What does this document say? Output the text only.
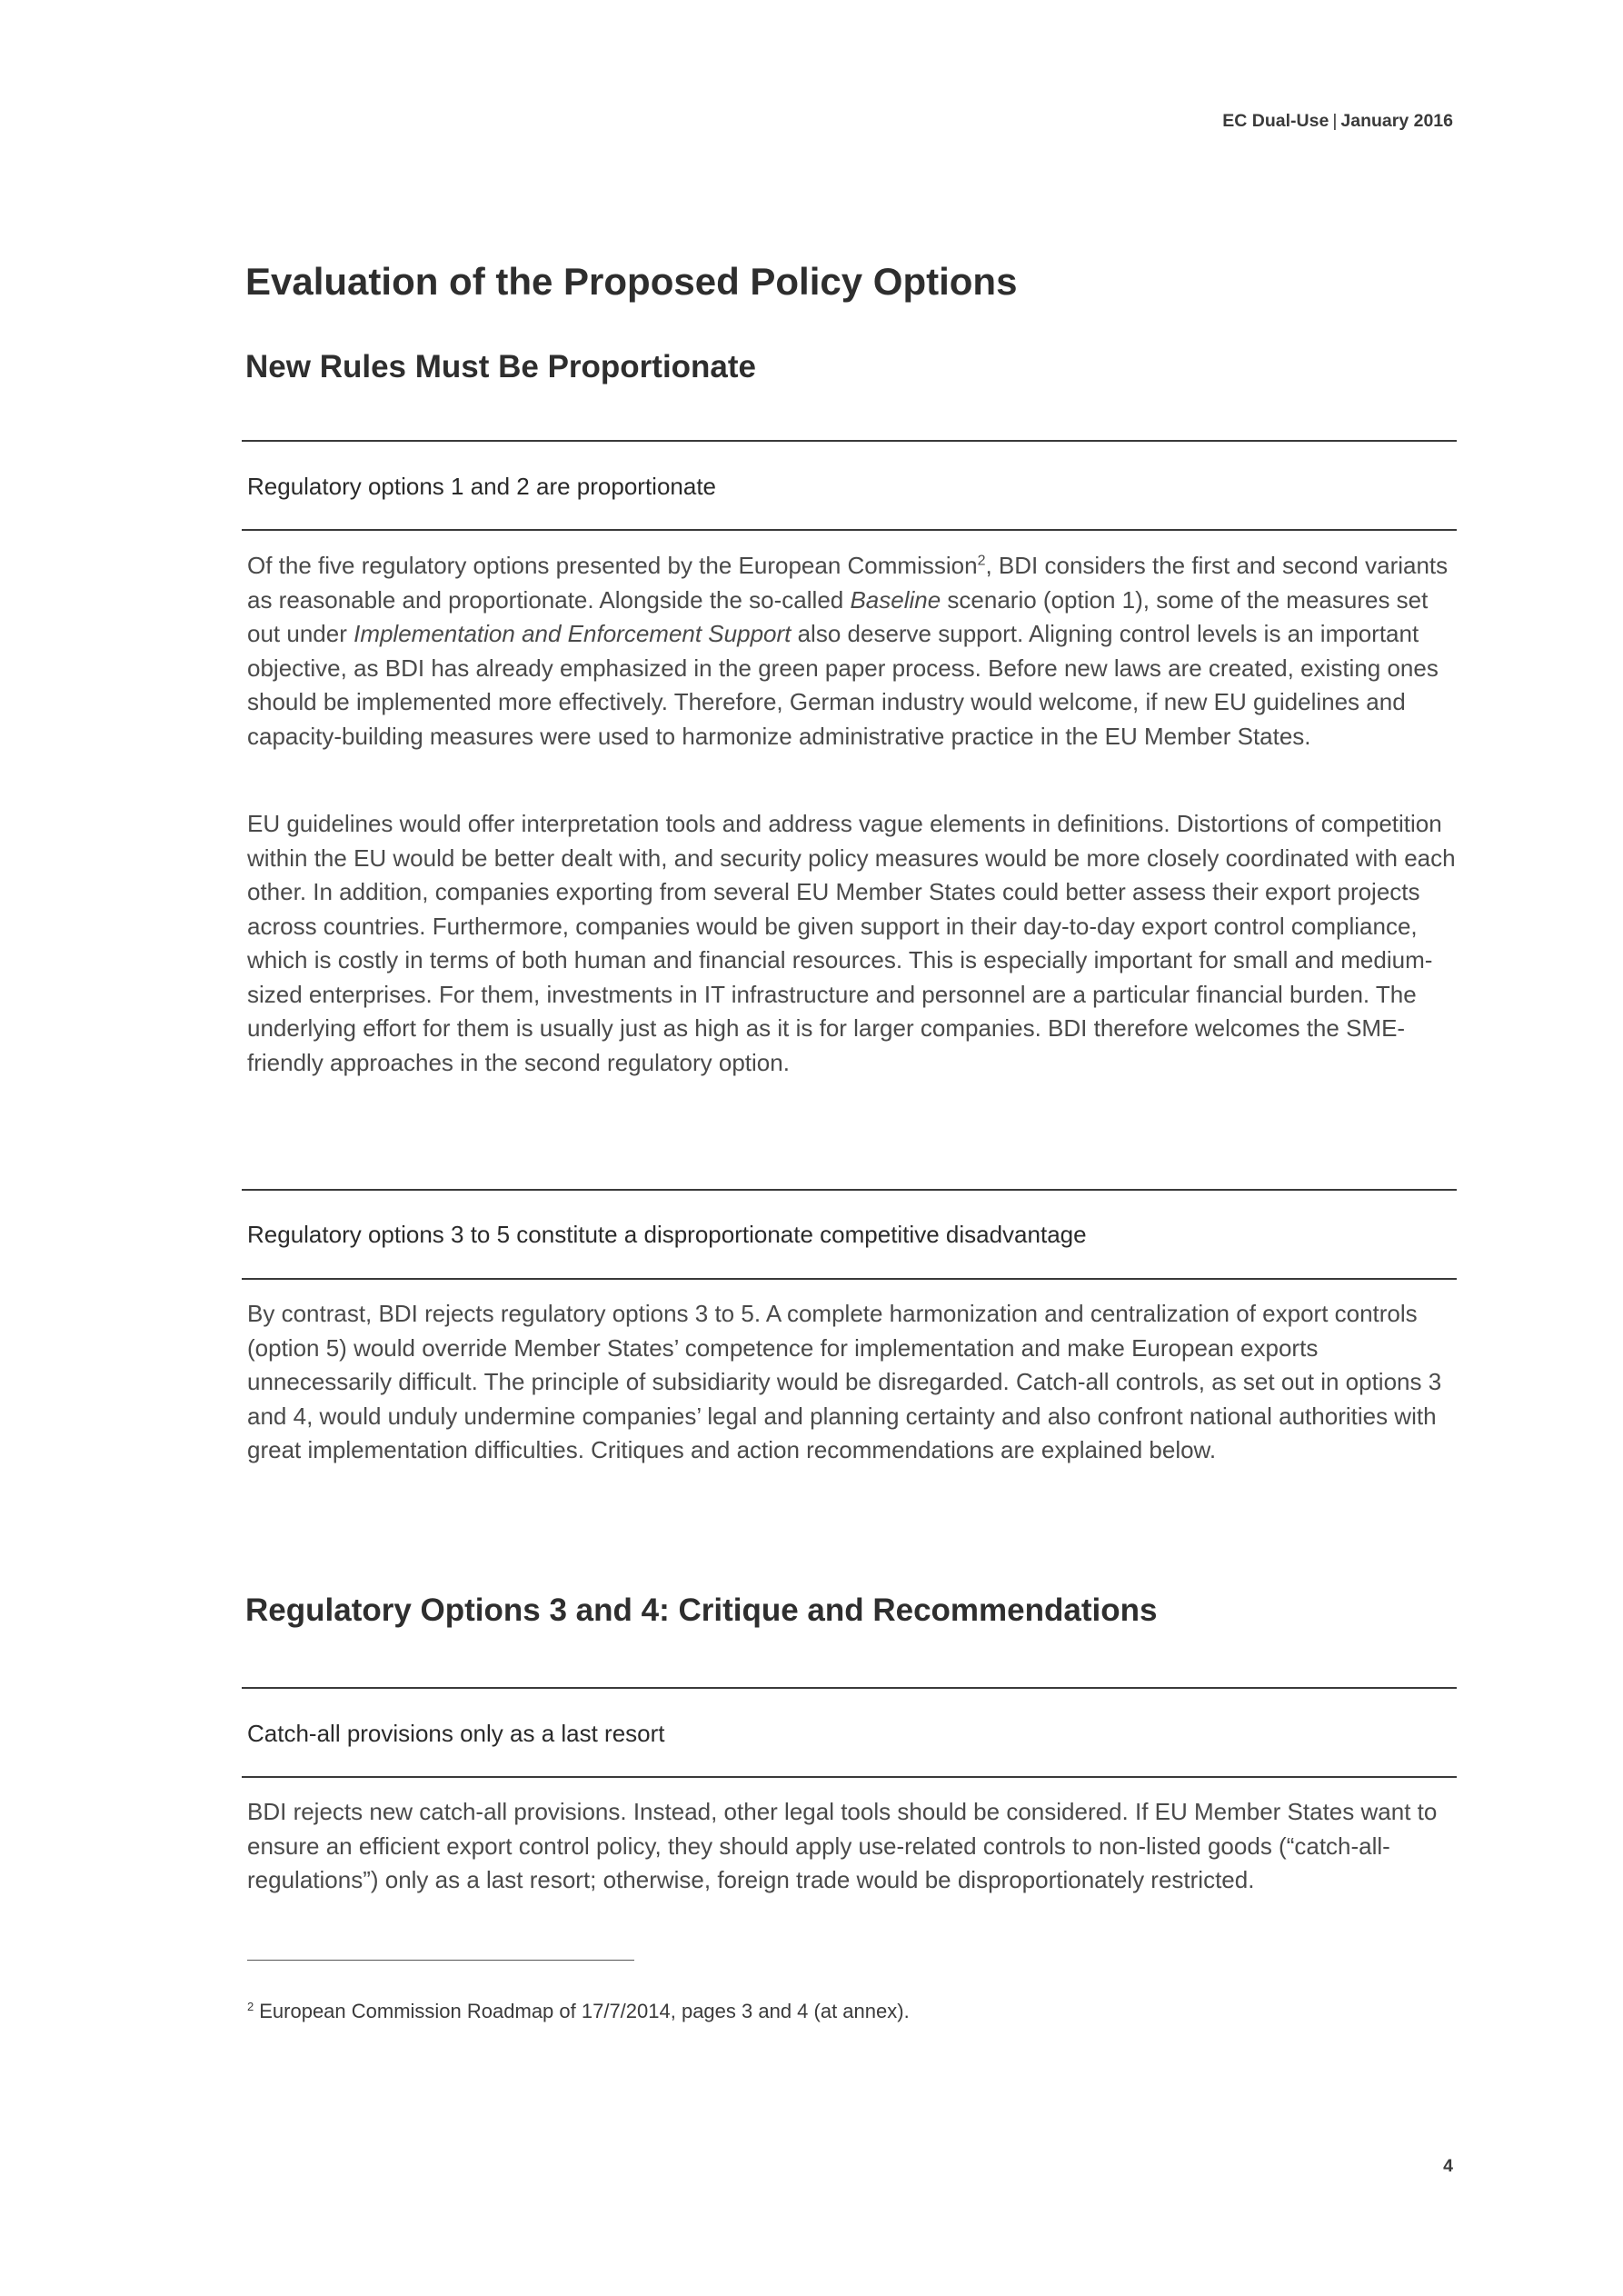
EC Dual-Use | January 2016
Evaluation of the Proposed Policy Options
New Rules Must Be Proportionate
Regulatory options 1 and 2 are proportionate

Of the five regulatory options presented by the European Commission$^2$, BDI considers the first and second variants as reasonable and proportionate. Alongside the so-called Baseline scenario (option 1), some of the measures set out under Implementation and Enforcement Support also deserve support. Aligning control levels is an important objective, as BDI has already emphasized in the green paper process. Before new laws are created, existing ones should be implemented more effectively. Therefore, German industry would welcome, if new EU guidelines and capacity-building measures were used to harmonize administrative practice in the EU Member States.

EU guidelines would offer interpretation tools and address vague elements in definitions. Distortions of competition within the EU would be better dealt with, and security policy measures would be more closely coordinated with each other. In addition, companies exporting from several EU Member States could better assess their export projects across countries. Furthermore, companies would be given support in their day-to-day export control compliance, which is costly in terms of both human and financial resources. This is especially important for small and medium-sized enterprises. For them, investments in IT infrastructure and personnel are a particular financial burden. The underlying effort for them is usually just as high as it is for larger companies. BDI therefore welcomes the SME-friendly approaches in the second regulatory option.

Regulatory options 3 to 5 constitute a disproportionate competitive disadvantage

By contrast, BDI rejects regulatory options 3 to 5. A complete harmonization and centralization of export controls (option 5) would override Member States’ competence for implementation and make European exports unnecessarily difficult. The principle of subsidiarity would be disregarded. Catch-all controls, as set out in options 3 and 4, would unduly undermine companies’ legal and planning certainty and also confront national authorities with great implementation difficulties. Critiques and action recommendations are explained below.

Regulatory Options 3 and 4: Critique and Recommendations
Catch-all provisions only as a last resort

BDI rejects new catch-all provisions. Instead, other legal tools should be considered. If EU Member States want to ensure an efficient export control policy, they should apply use-related controls to non-listed goods (“catch-all-regulations”) only as a last resort; otherwise, foreign trade would be disproportionately restricted.

$^2$ European Commission Roadmap of 17/7/2014, pages 3 and 4 (at annex).
4
